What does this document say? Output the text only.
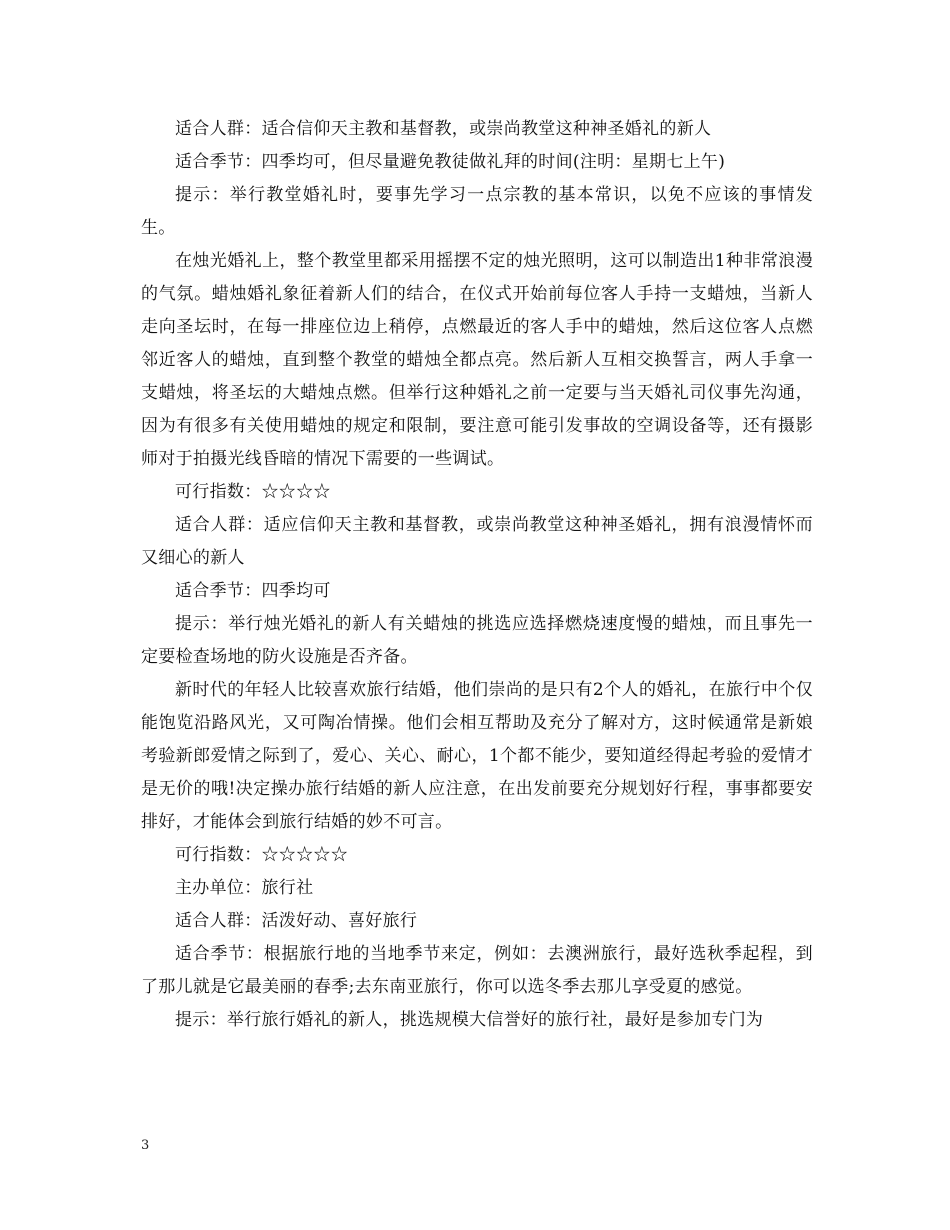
适合人群：适合信仰天主教和基督教，或崇尚教堂这种神圣婚礼的新人

适合季节：四季均可，但尽量避免教徒做礼拜的时间(注明：星期七上午)

提示：举行教堂婚礼时，要事先学习一点宗教的基本常识，以免不应该的事情发生。

在烛光婚礼上，整个教堂里都采用摇摆不定的烛光照明，这可以制造出1种非常浪漫的气氛。蜡烛婚礼象征着新人们的结合，在仪式开始前每位客人手持一支蜡烛，当新人走向圣坛时，在每一排座位边上稍停，点燃最近的客人手中的蜡烛，然后这位客人点燃邻近客人的蜡烛，直到整个教堂的蜡烛全都点亮。然后新人互相交换誓言，两人手拿一支蜡烛，将圣坛的大蜡烛点燃。但举行这种婚礼之前一定要与当天婚礼司仪事先沟通，因为有很多有关使用蜡烛的规定和限制，要注意可能引发事故的空调设备等，还有摄影师对于拍摄光线昏暗的情况下需要的一些调试。

可行指数：☆☆☆☆

适合人群：适应信仰天主教和基督教，或崇尚教堂这种神圣婚礼，拥有浪漫情怀而又细心的新人

适合季节：四季均可

提示：举行烛光婚礼的新人有关蜡烛的挑选应选择燃烧速度慢的蜡烛，而且事先一定要检查场地的防火设施是否齐备。

新时代的年轻人比较喜欢旅行结婚，他们崇尚的是只有2个人的婚礼，在旅行中个仅能饱览沿路风光，又可陶冶情操。他们会相互帮助及充分了解对方，这时候通常是新娘考验新郎爱情之际到了，爱心、关心、耐心，1个都不能少，要知道经得起考验的爱情才是无价的哦!决定操办旅行结婚的新人应注意，在出发前要充分规划好行程，事事都要安排好，才能体会到旅行结婚的妙不可言。

可行指数：☆☆☆☆☆

主办单位：旅行社

适合人群：活泼好动、喜好旅行

适合季节：根据旅行地的当地季节来定，例如：去澳洲旅行，最好选秋季起程，到了那儿就是它最美丽的春季;去东南亚旅行，你可以选冬季去那儿享受夏的感觉。

提示：举行旅行婚礼的新人，挑选规模大信誉好的旅行社，最好是参加专门为

3
